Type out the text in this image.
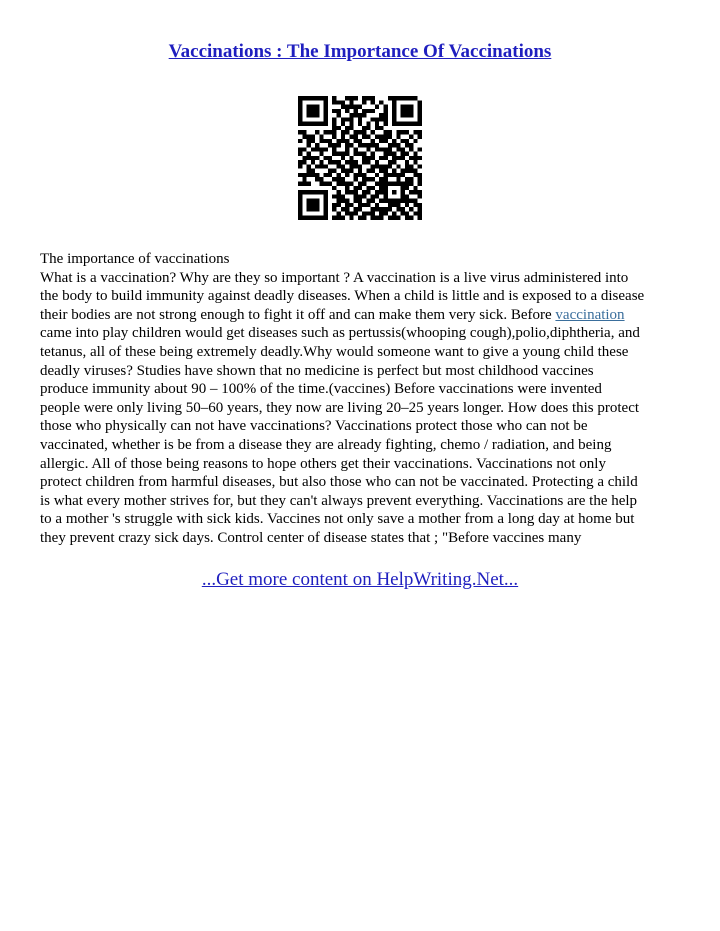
Vaccinations : The Importance Of Vaccinations
The importance of vaccinations
What is a vaccination? Why are they so important ? A vaccination is a live virus administered into
the body to build immunity against deadly diseases. When a child is little and is exposed to a disease
their bodies are not strong enough to fight it off and can make them very sick. Before vaccination
came into play children would get diseases such as pertussis(whooping cough),polio,diphtheria, and
tetanus, all of these being extremely deadly.Why would someone want to give a young child these
deadly viruses? Studies have shown that no medicine is perfect but most childhood vaccines
produce immunity about 90 – 100% of the time.(vaccines) Before vaccinations were invented
people were only living 50–60 years, they now are living 20–25 years longer. How does this protect
those who physically can not have vaccinations? Vaccinations protect those who can not be
vaccinated, whether is be from a disease they are already fighting, chemo / radiation, and being
allergic. All of those being reasons to hope others get their vaccinations. Vaccinations not only
protect children from harmful diseases, but also those who can not be vaccinated. Protecting a child
is what every mother strives for, but they can't always prevent everything. Vaccinations are the help
to a mother 's struggle with sick kids. Vaccines not only save a mother from a long day at home but
they prevent crazy sick days. Control center of disease states that ; "Before vaccines many
...Get more content on HelpWriting.Net...
